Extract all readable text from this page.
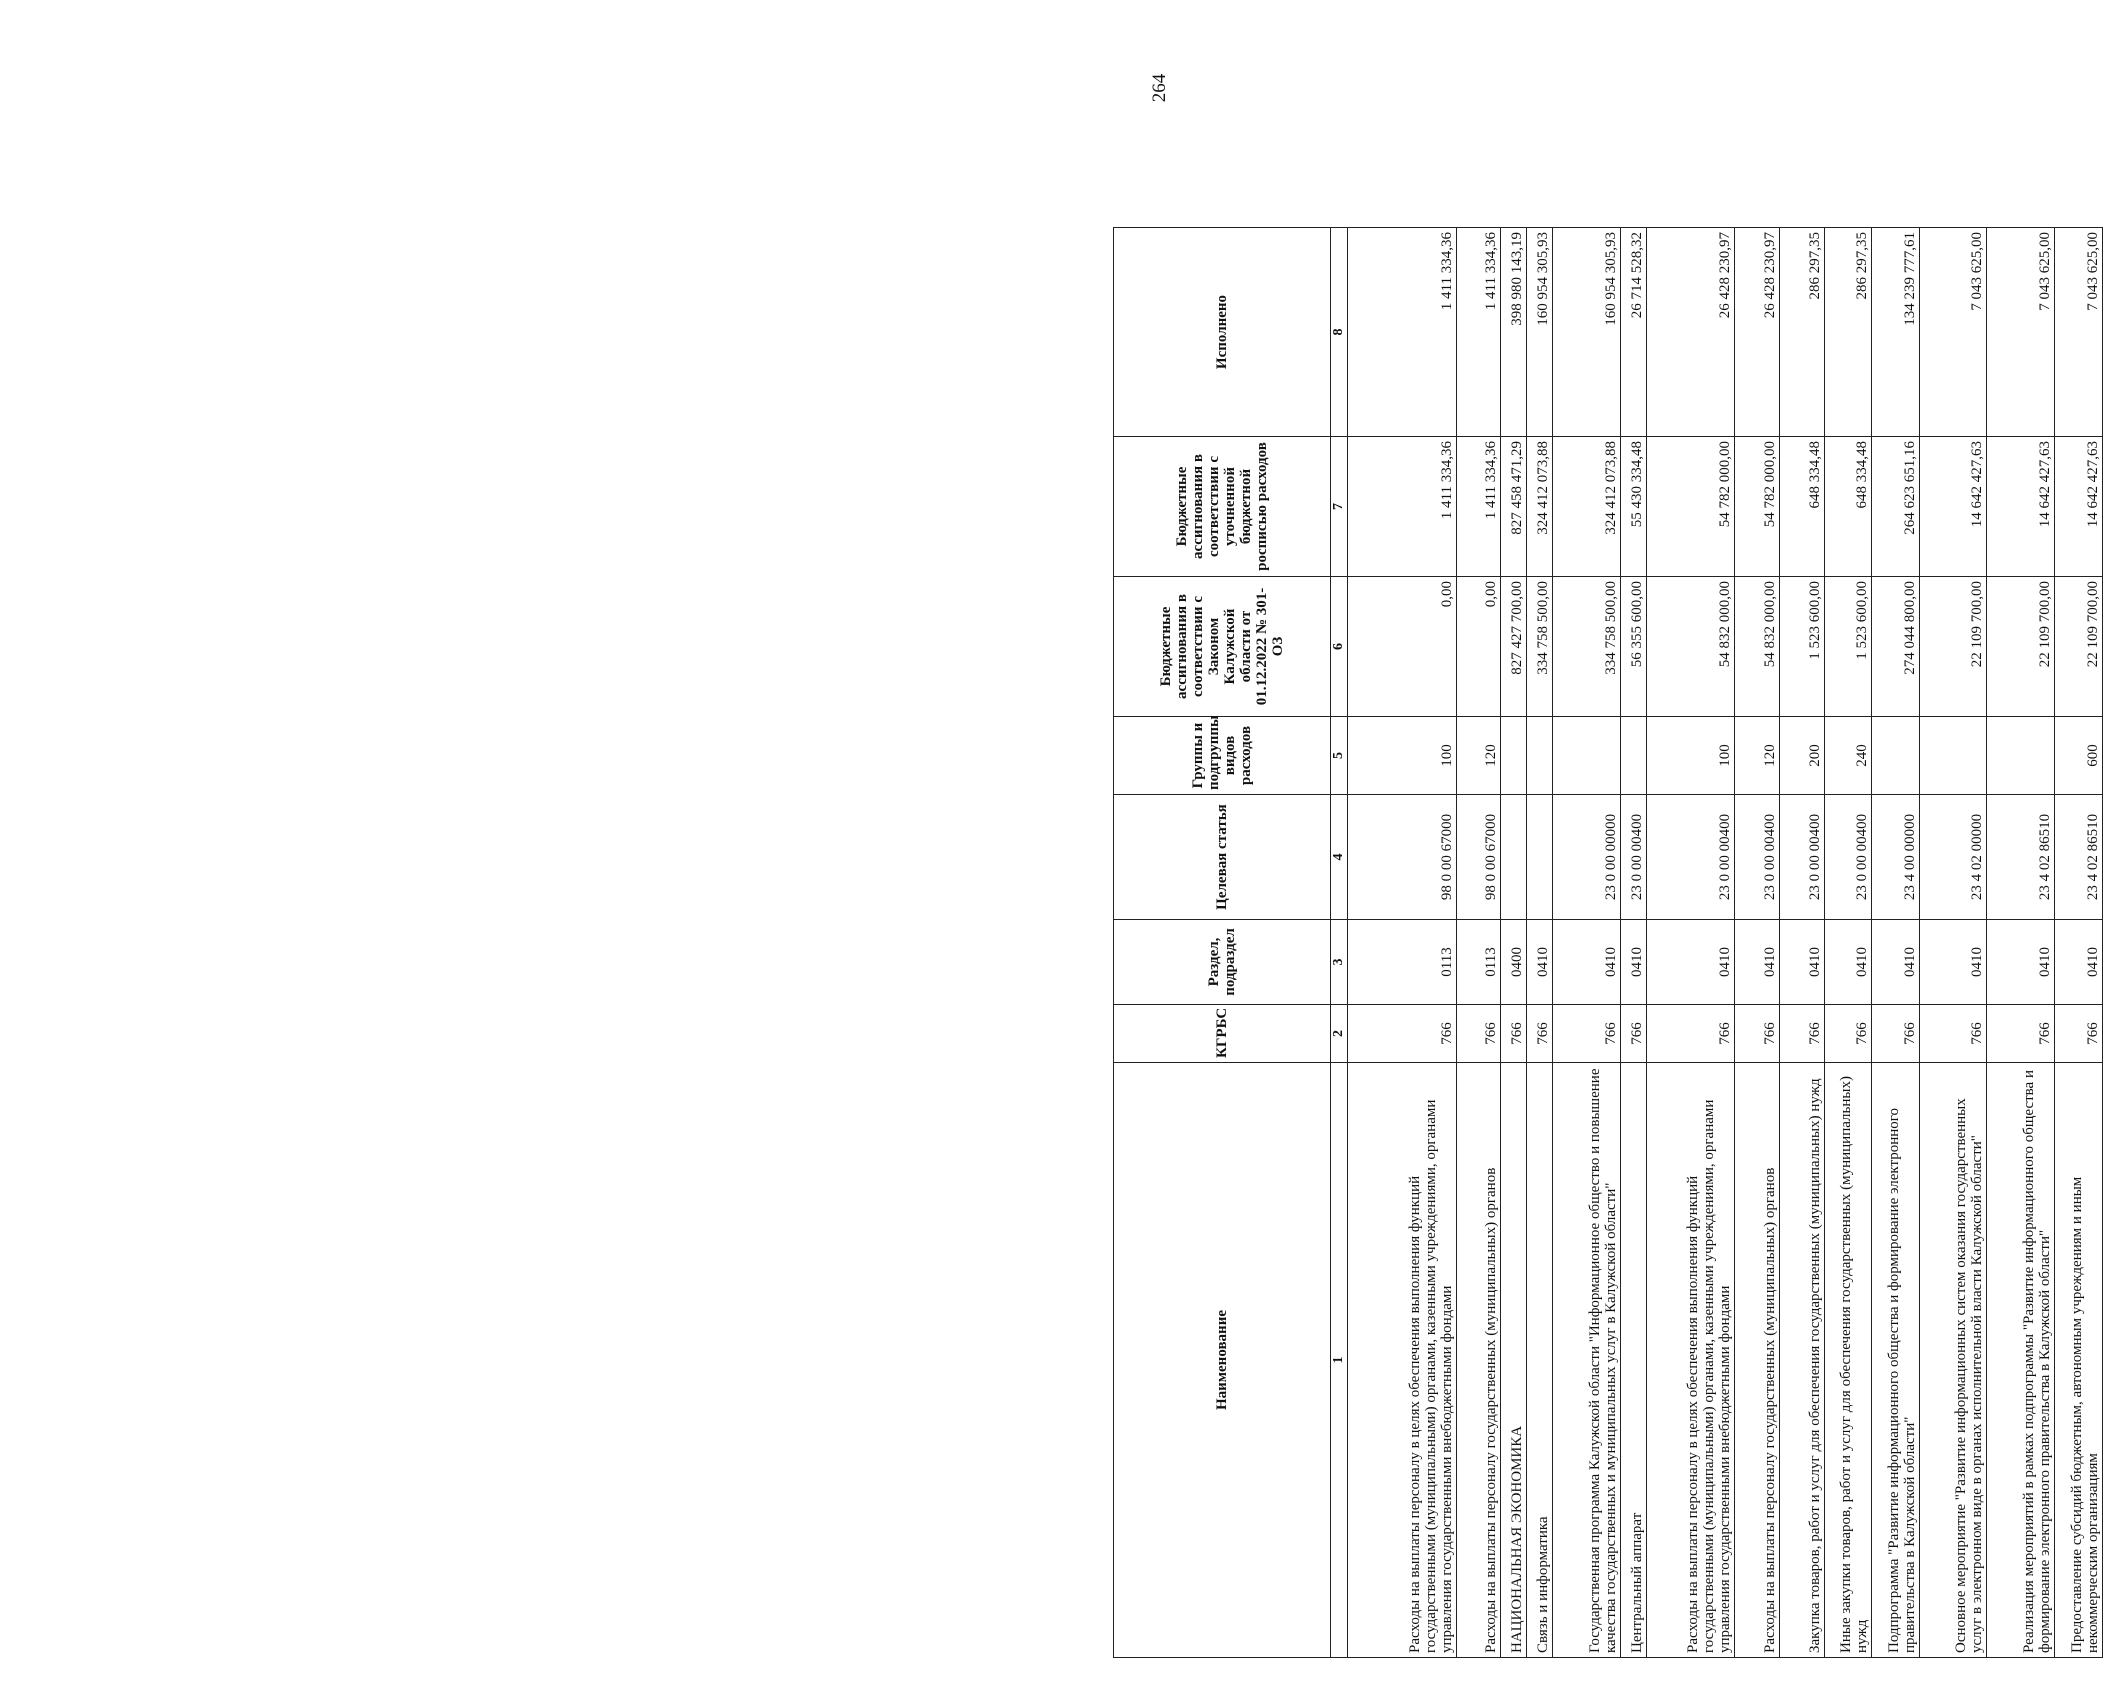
264
Наименование	КГРБС	Раздел, подраздел	Целевая статья	Группы и подгруппы видов расходов	Бюджетные ассигнования в соответствии с Законом Калужской области от 01.12.2022 № 301-ОЗ	Бюджетные ассигнования в соответствии с уточненной бюджетной росписью расходов	Исполнено
1	2	3	4	5	6	7	8
Расходы на выплаты персоналу в целях обеспечения выполнения функций государственными (муниципальными) органами, казенными учреждениями, органами управления государственными внебюджетными фондами	766	0113	98 0 00 67000	100	0,00	1 411 334,36	1 411 334,36
Расходы на выплаты персоналу государственных (муниципальных) органов	766	0113	98 0 00 67000	120	0,00	1 411 334,36	1 411 334,36
НАЦИОНАЛЬНАЯ ЭКОНОМИКА	766	0400			827 427 700,00	827 458 471,29	398 980 143,19
Связь и информатика	766	0410			334 758 500,00	324 412 073,88	160 954 305,93
Государственная программа Калужской области "Информационное общество и повышение качества государственных и муниципальных услуг в Калужской области"	766	0410	23 0 00 00000		334 758 500,00	324 412 073,88	160 954 305,93
Центральный аппарат	766	0410	23 0 00 00400		56 355 600,00	55 430 334,48	26 714 528,32
Расходы на выплаты персоналу в целях обеспечения выполнения функций государственными (муниципальными) органами, казенными учреждениями, органами управления государственными внебюджетными фондами	766	0410	23 0 00 00400	100	54 832 000,00	54 782 000,00	26 428 230,97
Расходы на выплаты персоналу государственных (муниципальных) органов	766	0410	23 0 00 00400	120	54 832 000,00	54 782 000,00	26 428 230,97
Закупка товаров, работ и услуг для обеспечения государственных (муниципальных) нужд	766	0410	23 0 00 00400	200	1 523 600,00	648 334,48	286 297,35
Иные закупки товаров, работ и услуг для обеспечения государственных (муниципальных) нужд	766	0410	23 0 00 00400	240	1 523 600,00	648 334,48	286 297,35
Подпрограмма "Развитие информационного общества и формирование электронного правительства в Калужской области"	766	0410	23 4 00 00000		274 044 800,00	264 623 651,16	134 239 777,61
Основное мероприятие "Развитие информационных систем оказания государственных услуг в электронном виде в органах исполнительной власти Калужской области"	766	0410	23 4 02 00000		22 109 700,00	14 642 427,63	7 043 625,00
Реализация мероприятий в рамках подпрограммы "Развитие информационного общества и формирование электронного правительства в Калужской области"	766	0410	23 4 02 86510		22 109 700,00	14 642 427,63	7 043 625,00
Предоставление субсидий бюджетным, автономным учреждениям и иным некоммерческим организациям	766	0410	23 4 02 86510	600	22 109 700,00	14 642 427,63	7 043 625,00
